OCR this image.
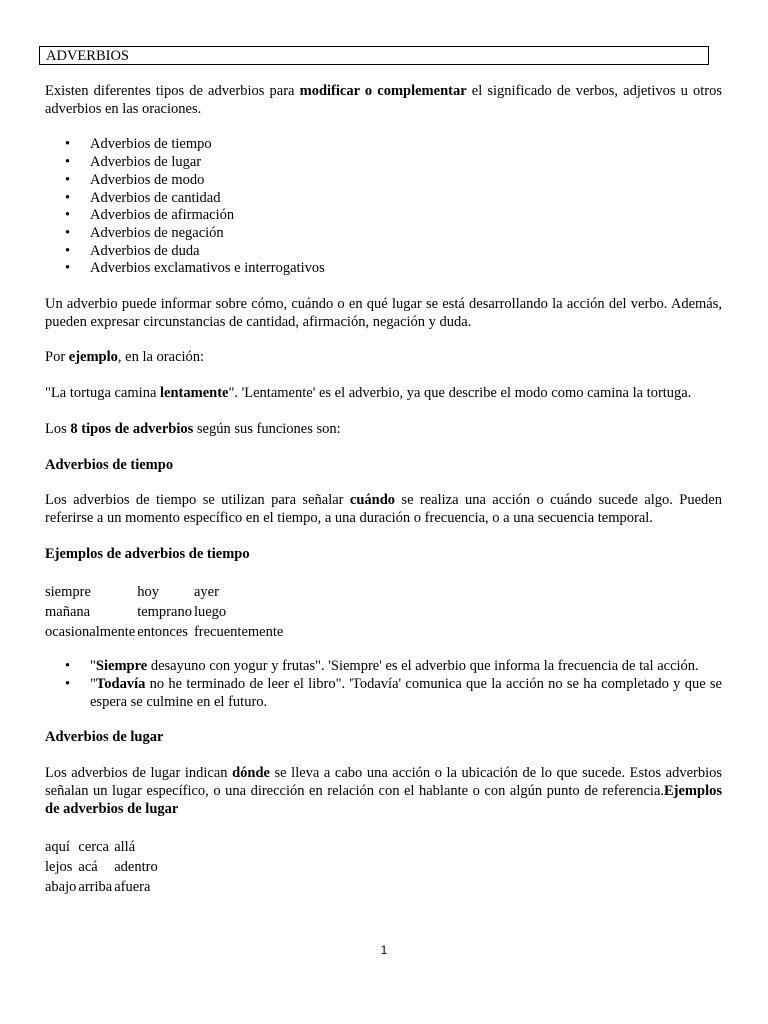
ADVERBIOS

Existen diferentes tipos de adverbios para modificar o complementar el significado de verbos, adjetivos u otros adverbios en las oraciones.

• Adverbios de tiempo
• Adverbios de lugar
• Adverbios de modo
• Adverbios de cantidad
• Adverbios de afirmación
• Adverbios de negación
• Adverbios de duda
• Adverbios exclamativos e interrogativos

Un adverbio puede informar sobre cómo, cuándo o en qué lugar se está desarrollando la acción del verbo. Además, pueden expresar circunstancias de cantidad, afirmación, negación y duda.

Por ejemplo, en la oración:

"La tortuga camina lentamente". 'Lentamente' es el adverbio, ya que describe el modo como camina la tortuga.

Los 8 tipos de adverbios según sus funciones son:

Adverbios de tiempo

Los adverbios de tiempo se utilizan para señalar cuándo se realiza una acción o cuándo sucede algo. Pueden referirse a un momento específico en el tiempo, a una duración o frecuencia, o a una secuencia temporal.

Ejemplos de adverbios de tiempo

siempre	hoy	ayer
mañana	temprano	luego
ocasionalmente	entonces	frecuentemente
• "Siempre desayuno con yogur y frutas". 'Siempre' es el adverbio que informa la frecuencia de tal acción.
• "Todavía no he terminado de leer el libro". 'Todavía' comunica que la acción no se ha completado y que se espera se culmine en el futuro.

Adverbios de lugar

Los adverbios de lugar indican dónde se lleva a cabo una acción o la ubicación de lo que sucede. Estos adverbios señalan un lugar específico, o una dirección en relación con el hablante o con algún punto de referencia.Ejemplos de adverbios de lugar

aquí	cerca	allá
lejos	acá	adentro
abajo	arriba	afuera
1
